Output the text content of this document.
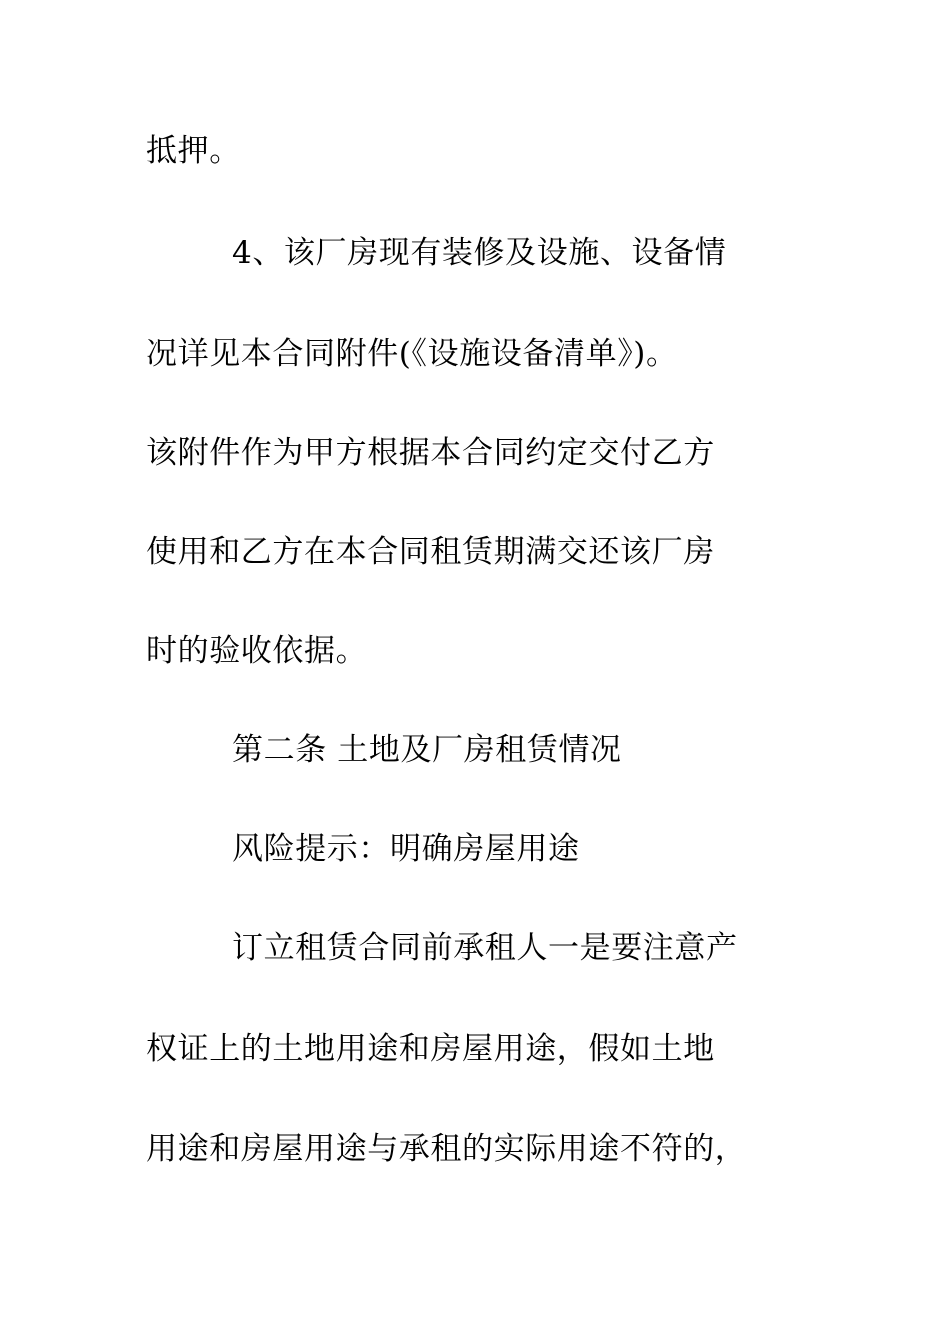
抵押。
4、该厂房现有装修及设施、设备情
况详见本合同附件(《设施设备清单》)。
该附件作为甲方根据本合同约定交付乙方
使用和乙方在本合同租赁期满交还该厂房
时的验收依据。
第二条 土地及厂房租赁情况
风险提示：明确房屋用途
订立租赁合同前承租人一是要注意产
权证上的土地用途和房屋用途，假如土地
用途和房屋用途与承租的实际用途不符的，
